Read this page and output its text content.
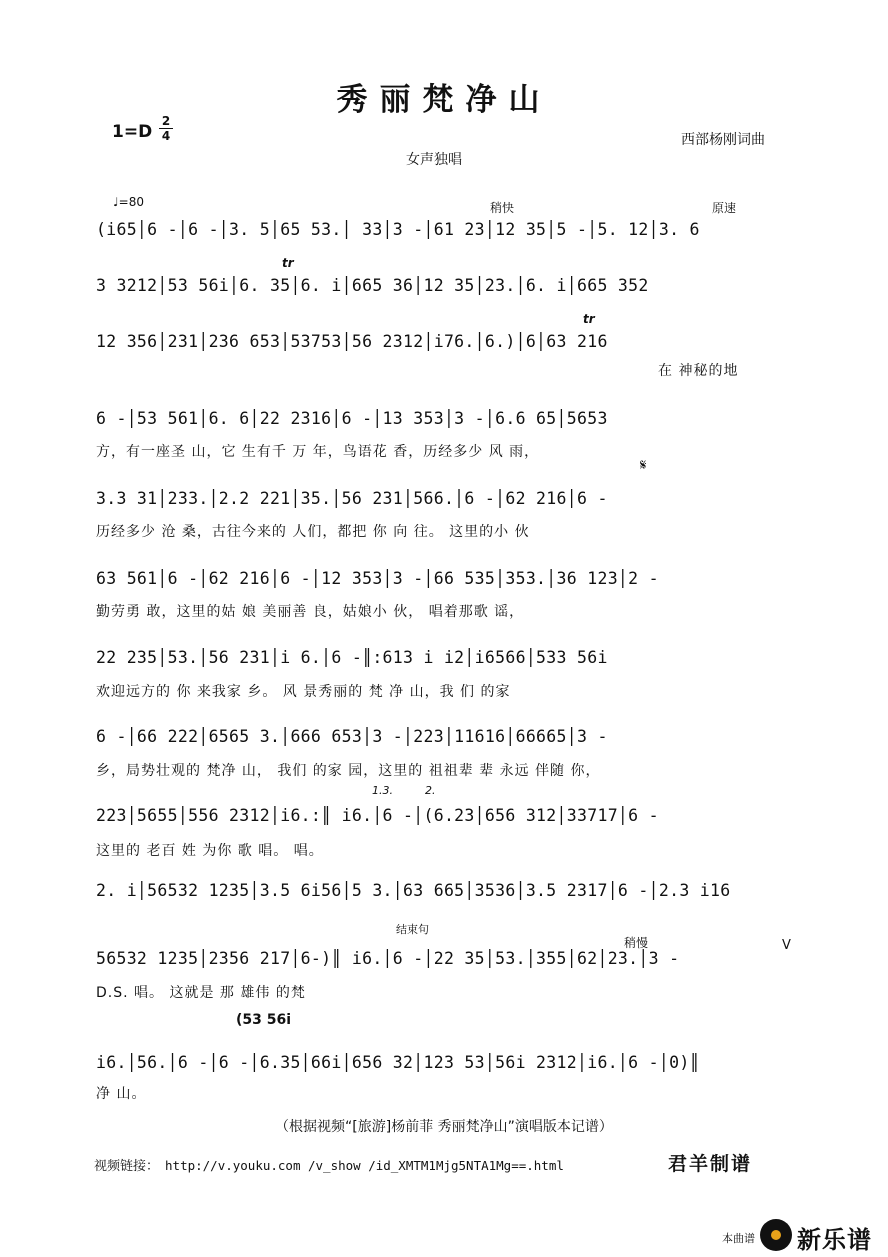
秀丽梵净山
1=D
2
4	西部杨刚词曲
女声独唱
♩=80	稍快	原速
tr
tr
𝄋
1.3.	2.
结束句
稍慢	V
(53 56i
(i65│6 -│6 -│3. 5│65 53.│ 33│3 -│61 23│12 35│5 -│5. 12│3. 6
3 3212│53 56i│6. 35│6. i│665 36│12 35│23.│6. i│665 352
12 356│231│236 653│53753│56 2312│i76.│6.)│6│63 216
在 神秘的地
6 -│53 561│6. 6│22 2316│6 -│13 353│3 -│6.6 65│5653
方，有一座圣 山，它 生有千 万 年，鸟语花 香，历经多少 风 雨，
3.3 31│233.│2.2 221│35.│56 231│566.│6 -│62 216│6 -
历经多少 沧 桑，古往今来的 人们，都把 你 向 往。 这里的小 伙
63 561│6 -│62 216│6 -│12 353│3 -│66 535│353.│36 123│2 -
勤劳勇 敢，这里的姑 娘 美丽善 良，姑娘小 伙， 唱着那歌 谣，
22 235│53.│56 231│i 6.│6 -║:613 i i2│i6566│533 56i
欢迎远方的 你 来我家 乡。 风 景秀丽的 梵 净 山，我 们 的家
6 -│66 222│6565 3.│666 653│3 -│223│11616│66665│3 -
乡，局势壮观的 梵净 山， 我们 的家 园，这里的 祖祖辈 辈 永远 伴随 你，
223│5655│556 2312│i6.:║ i6.│6 -│(6.23│656 312│33717│6 -
这里的 老百 姓 为你 歌 唱。 唱。
2. i│56532 1235│3.5 6i56│5 3.│63 665│3536│3.5 2317│6 -│2.3 i16
56532 1235│2356 217│6-)║ i6.│6 -│22 35│53.│355│62│23.│3 -
D.S. 唱。 这就是 那 雄伟 的梵
i6.│56.│6 -│6 -│6.35│66i│656 32│123 53│56i 2312│i6.│6 -│0)║
净 山。
（根据视频“[旅游]杨前菲 秀丽梵净山”演唱版本记谱）
视频链接： http://v.youku.com /v_show /id_XMTM1Mjg5NTA1Mg==.html	君羊制谱
本曲谱 新乐谱
